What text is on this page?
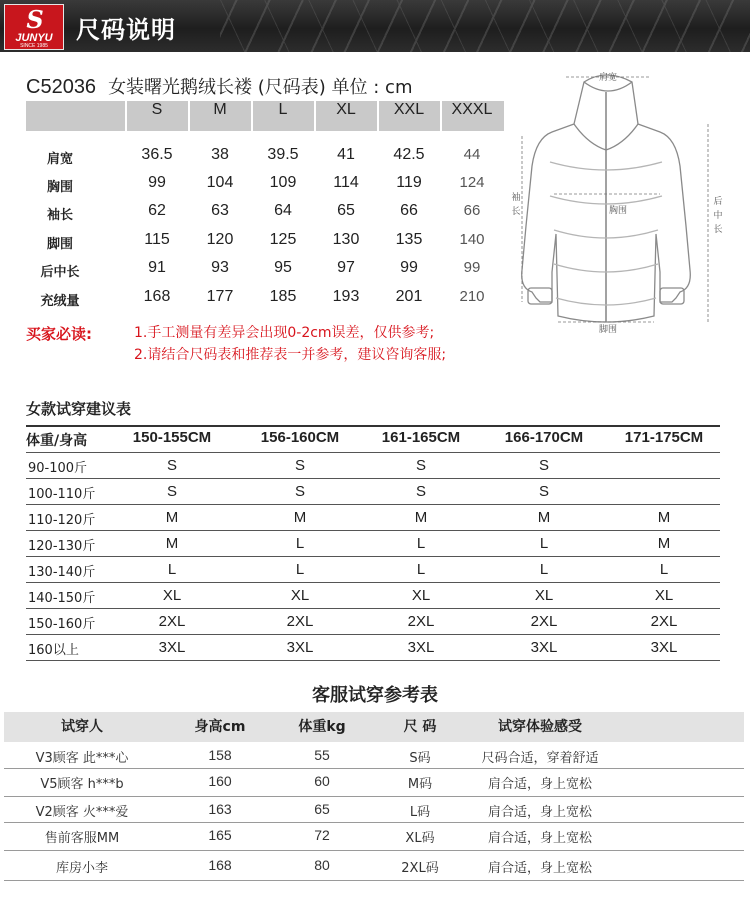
S
JUNYU
SINCE 1985
尺码说明
C52036 女装曙光鹅绒长褛 (尺码表) 单位 : cm
S	M	L	XL	XXL	XXXL
肩宽	36.5	38	39.5	41	42.5	44
胸围	99	104	109	114	119	124
袖长	62	63	64	65	66	66
脚围	115	120	125	130	135	140
后中长	91	93	95	97	99	99
充绒量	168	177	185	193	201	210
买家必读:	1.手工测量有差异会出现0-2cm误差，仅供参考;
2.请结合尺码表和推荐表一并参考，建议咨询客服;
肩宽
胸围
脚围
袖
长
后
中
长
女款试穿建议表
体重/身高	150-155CM	156-160CM	161-165CM	166-170CM	171-175CM
90-100斤	S	S	S	S
100-110斤	S	S	S	S
110-120斤	M	M	M	M	M
120-130斤	M	L	L	L	M
130-140斤	L	L	L	L	L
140-150斤	XL	XL	XL	XL	XL
150-160斤	2XL	2XL	2XL	2XL	2XL
160以上	3XL	3XL	3XL	3XL	3XL
客服试穿参考表
试穿人	身高cm	体重kg	尺 码	试穿体验感受
V3顾客 此***心	158	55	S码	尺码合适，穿着舒适
V5顾客 h***b	160	60	M码	肩合适，身上宽松
V2顾客 火***爱	163	65	L码	肩合适，身上宽松
售前客服MM	165	72	XL码	肩合适，身上宽松
库房小李	168	80	2XL码	肩合适，身上宽松
